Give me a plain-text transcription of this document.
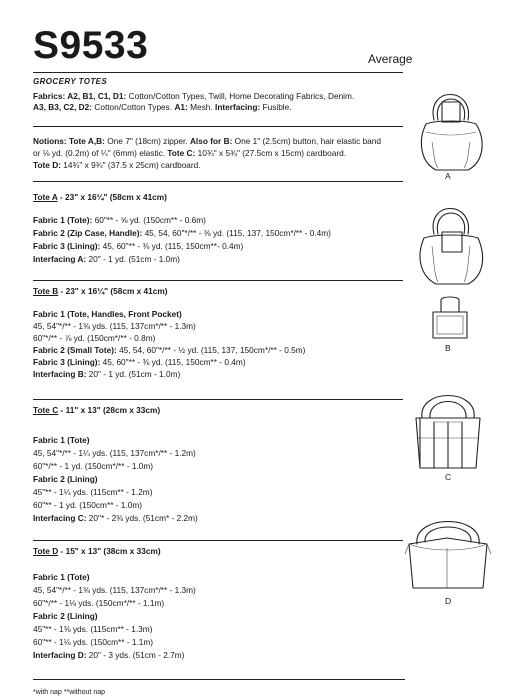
S9533	Average
GROCERY TOTES
Fabrics: A2, B1, C1, D1: Cotton/Cotton Types, Twill, Home Decorating Fabrics, Denim.
A3, B3, C2, D2: Cotton/Cotton Types. A1: Mesh. Interfacing: Fusible.
Notions: Tote A,B: One 7" (18cm) zipper. Also for B: One 1" (2.5cm) button, hair elastic band
or ⅛ yd. (0.2m) of ¼" (6mm) elastic. Tote C: 10¾" x 5¾" (27.5cm x 15cm) cardboard.
Tote D: 14¾" x 9¾" (37.5 x 25cm) cardboard.
Tote A - 23" x 16¼" (58cm x 41cm)
Fabric 1 (Tote): 60"** - ⅝ yd. (150cm** - 0.6m)
Fabric 2 (Zip Case, Handle): 45, 54, 60"*/** - ⅜ yd. (115, 137, 150cm*/** - 0.4m)
Fabric 3 (Lining): 45, 60"** - ⅜ yd. (115, 150cm**- 0.4m)
Interfacing A: 20" - 1 yd. (51cm - 1.0m)
Tote B - 23" x 16¼" (58cm x 41cm)
Fabric 1 (Tote, Handles, Front Pocket)
45, 54"*/** - 1⅜ yds. (115, 137cm*/** - 1.3m)
60"*/** - ⅞ yd. (150cm*/** - 0.8m)
Fabric 2 (Small Tote): 45, 54, 60"*/** - ½ yd. (115, 137, 150cm*/** - 0.5m)
Fabric 3 (Lining): 45, 60"** - ⅜ yd. (115, 150cm** - 0.4m)
Interfacing B: 20" - 1 yd. (51cm - 1.0m)
Tote C - 11" x 13" (28cm x 33cm)
Fabric 1 (Tote)
45, 54"*/** - 1¼ yds. (115, 137cm*/** - 1.2m)
60"*/** - 1 yd. (150cm*/** - 1.0m)
Fabric 2 (Lining)
45"** - 1¼ yds. (115cm** - 1.2m)
60"** - 1 yd. (150cm** - 1.0m)
Interfacing C: 20"* - 2⅜ yds. (51cm* - 2.2m)
Tote D - 15" x 13" (38cm x 33cm)
Fabric 1 (Tote)
45, 54"*/** - 1⅜ yds. (115, 137cm*/** - 1.3m)
60"*/** - 1⅛ yds. (150cm*/** - 1.1m)
Fabric 2 (Lining)
45"** - 1⅜ yds. (115cm** - 1.3m)
60"** - 1⅛ yds. (150cm** - 1.1m)
Interfacing D: 20" - 3 yds. (51cm - 2.7m)
*with nap **without nap
A
B
C
D
